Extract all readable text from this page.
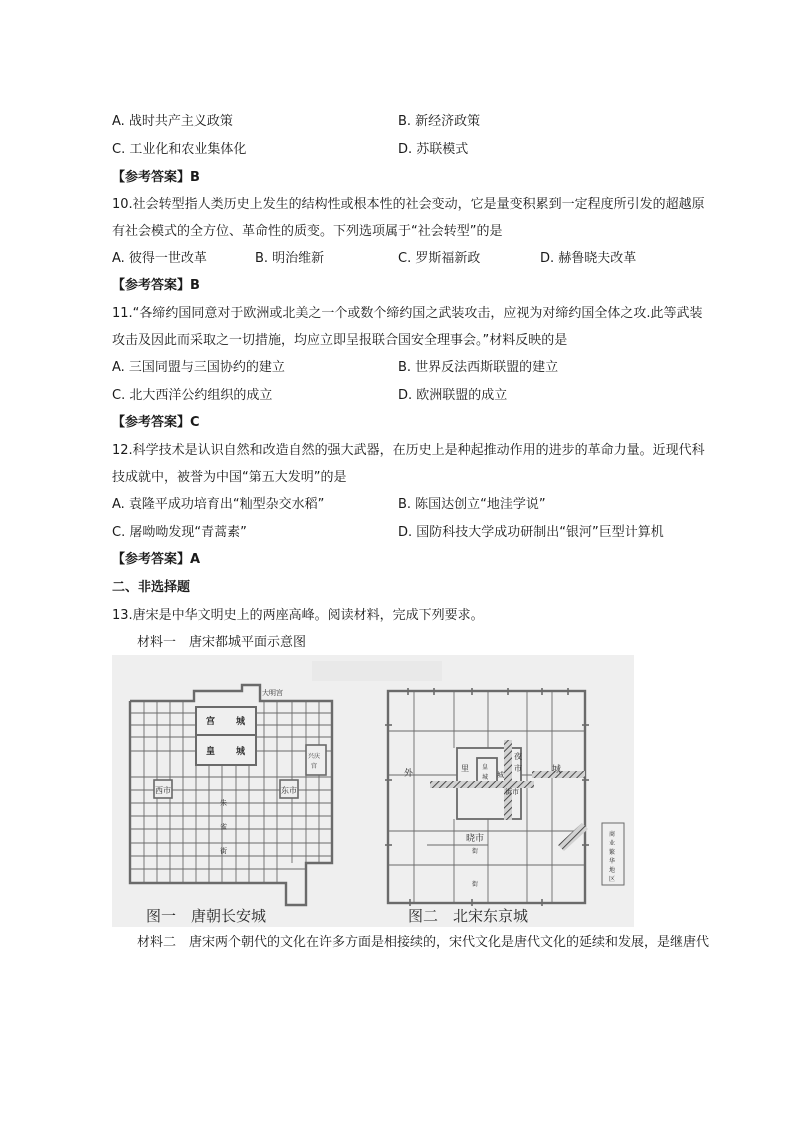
A. 战时共产主义政策	B. 新经济政策
C. 工业化和农业集体化	D. 苏联模式
【参考答案】B
10.社会转型指人类历史上发生的结构性或根本性的社会变动，它是量变积累到一定程度所引发的超越原
有社会模式的全方位、革命性的质变。下列选项属于“社会转型”的是
A. 彼得一世改革	B. 明治维新	C. 罗斯福新政	D. 赫鲁晓夫改革
【参考答案】B
11.“各缔约国同意对于欧洲或北美之一个或数个缔约国之武装攻击，应视为对缔约国全体之攻.此等武装
攻击及因此而采取之一切措施，均应立即呈报联合国安全理事会。”材料反映的是
A. 三国同盟与三国协约的建立	B. 世界反法西斯联盟的建立
C. 北大西洋公约组织的成立	D. 欧洲联盟的成立
【参考答案】C
12.科学技术是认识自然和改造自然的强大武器，在历史上是种起推动作用的进步的革命力量。近现代科
技成就中，被誉为中国“第五大发明”的是
A. 袁隆平成功培育出“籼型杂交水稻”	B. 陈国达创立“地洼学说”
C. 屠呦呦发现“青蒿素”	D. 国防科技大学成功研制出“银河”巨型计算机
【参考答案】A
二、非选择题
13.唐宋是中华文明史上的两座高峰。阅读材料，完成下列要求。
材料一　唐宋都城平面示意图
大明宫
宫 城
皇 城	兴庆
宫
西市	东市
朱
雀
街
图一　唐朝长安城
外
里 皇
城 城
夜
市
街市
晓市
街
街
城
商
业
繁
华
地
区
图二　北宋东京城
材料二　唐宋两个朝代的文化在许多方面是相接续的，宋代文化是唐代文化的延续和发展，是继唐代
